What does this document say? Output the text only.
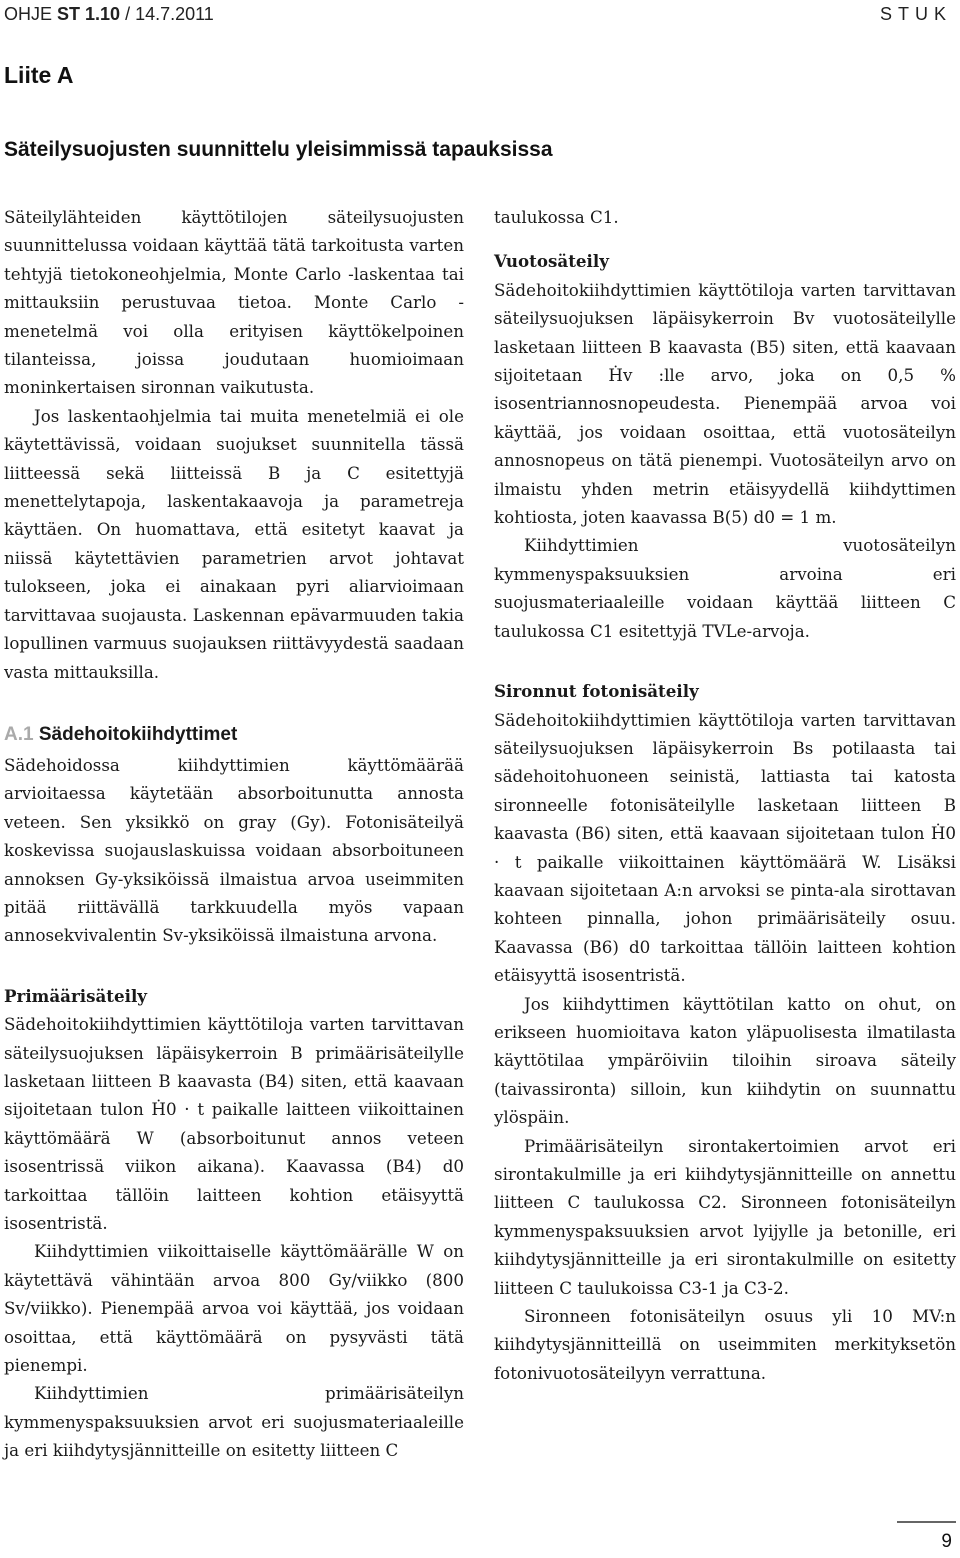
OHJE ST 1.10 / 14.7.2011	STUK
Liite A
Säteilysuojusten suunnittelu yleisimmissä tapauksissa

Säteilylähteiden käyttötilojen säteilysuojusten suunnittelussa voidaan käyttää tätä tarkoitusta varten tehtyjä tietokoneohjelmia, Monte Carlo -laskentaa tai mittauksiin perustuvaa tietoa. Monte Carlo -menetelmä voi olla erityisen käyttökelpoinen tilanteissa, joissa joudutaan huomioimaan moninkertaisen sironnan vaikutusta.

Jos laskentaohjelmia tai muita menetelmiä ei ole käytettävissä, voidaan suojukset suunnitella tässä liitteessä sekä liitteissä B ja C esitettyjä menettelytapoja, laskentakaavoja ja parametreja käyttäen. On huomattava, että esitetyt kaavat ja niissä käytettävien parametrien arvot johtavat tulokseen, joka ei ainakaan pyri aliarvioimaan tarvittavaa suojausta. Laskennan epävarmuuden takia lopullinen varmuus suojauksen riittävyydestä saadaan vasta mittauksilla.

A.1 Sädehoitokiihdyttimet

Sädehoidossa kiihdyttimien käyttömäärää arvioitaessa käytetään absorboitunutta annosta veteen. Sen yksikkö on gray (Gy). Fotonisäteilyä koskevissa suojauslaskuissa voidaan absorboituneen annoksen Gy-yksiköissä ilmaistua arvoa useimmiten pitää riittävällä tarkkuudella myös vapaan annosekvivalentin Sv-yksiköissä ilmaistuna arvona.

Primäärisäteily

Sädehoitokiihdyttimien käyttötiloja varten tarvittavan säteilysuojuksen läpäisykerroin B primäärisäteilylle lasketaan liitteen B kaavasta (B4) siten, että kaavaan sijoitetaan tulon Ḣ0 · t paikalle laitteen viikoittainen käyttömäärä W (absorboitunut annos veteen isosentrissä viikon aikana). Kaavassa (B4) d0 tarkoittaa tällöin laitteen kohtion etäisyyttä isosentristä.

Kiihdyttimien viikoittaiselle käyttömäärälle W on käytettävä vähintään arvoa 800 Gy/viikko (800 Sv/viikko). Pienempää arvoa voi käyttää, jos voidaan osoittaa, että käyttömäärä on pysyvästi tätä pienempi.

Kiihdyttimien primäärisäteilyn kymmenyspaksuuksien arvot eri suojusmateriaaleille ja eri kiihdytysjännitteille on esitetty liitteen C

taulukossa C1.

Vuotosäteily

Sädehoitokiihdyttimien käyttötiloja varten tarvittavan säteilysuojuksen läpäisykerroin Bv vuotosäteilylle lasketaan liitteen B kaavasta (B5) siten, että kaavaan sijoitetaan Ḣv :lle arvo, joka on 0,5 % isosentriannosnopeudesta. Pienempää arvoa voi käyttää, jos voidaan osoittaa, että vuotosäteilyn annosnopeus on tätä pienempi. Vuotosäteilyn arvo on ilmaistu yhden metrin etäisyydellä kiihdyttimen kohtiosta, joten kaavassa B(5) d0 = 1 m.

Kiihdyttimien vuotosäteilyn kymmenyspaksuuksien arvoina eri suojusmateriaaleille voidaan käyttää liitteen C taulukossa C1 esitettyjä TVLe-arvoja.

Sironnut fotonisäteily

Sädehoitokiihdyttimien käyttötiloja varten tarvittavan säteilysuojuksen läpäisykerroin Bs potilaasta tai sädehoitohuoneen seinistä, lattiasta tai katosta sironneelle fotonisäteilylle lasketaan liitteen B kaavasta (B6) siten, että kaavaan sijoitetaan tulon Ḣ0 · t paikalle viikoittainen käyttömäärä W. Lisäksi kaavaan sijoitetaan A:n arvoksi se pinta-ala sirottavan kohteen pinnalla, johon primäärisäteily osuu. Kaavassa (B6) d0 tarkoittaa tällöin laitteen kohtion etäisyyttä isosentristä.

Jos kiihdyttimen käyttötilan katto on ohut, on erikseen huomioitava katon yläpuolisesta ilmatilasta käyttötilaa ympäröiviin tiloihin siroava säteily (taivassironta) silloin, kun kiihdytin on suunnattu ylöspäin.

Primäärisäteilyn sirontakertoimien arvot eri sirontakulmille ja eri kiihdytysjännitteille on annettu liitteen C taulukossa C2. Sironneen fotonisäteilyn kymmenyspaksuuksien arvot lyijylle ja betonille, eri kiihdytysjännitteille ja eri sirontakulmille on esitetty liitteen C taulukoissa C3-1 ja C3-2.

Sironneen fotonisäteilyn osuus yli 10 MV:n kiihdytysjännitteillä on useimmiten merkityksetön fotonivuotosäteilyyn verrattuna.

9
